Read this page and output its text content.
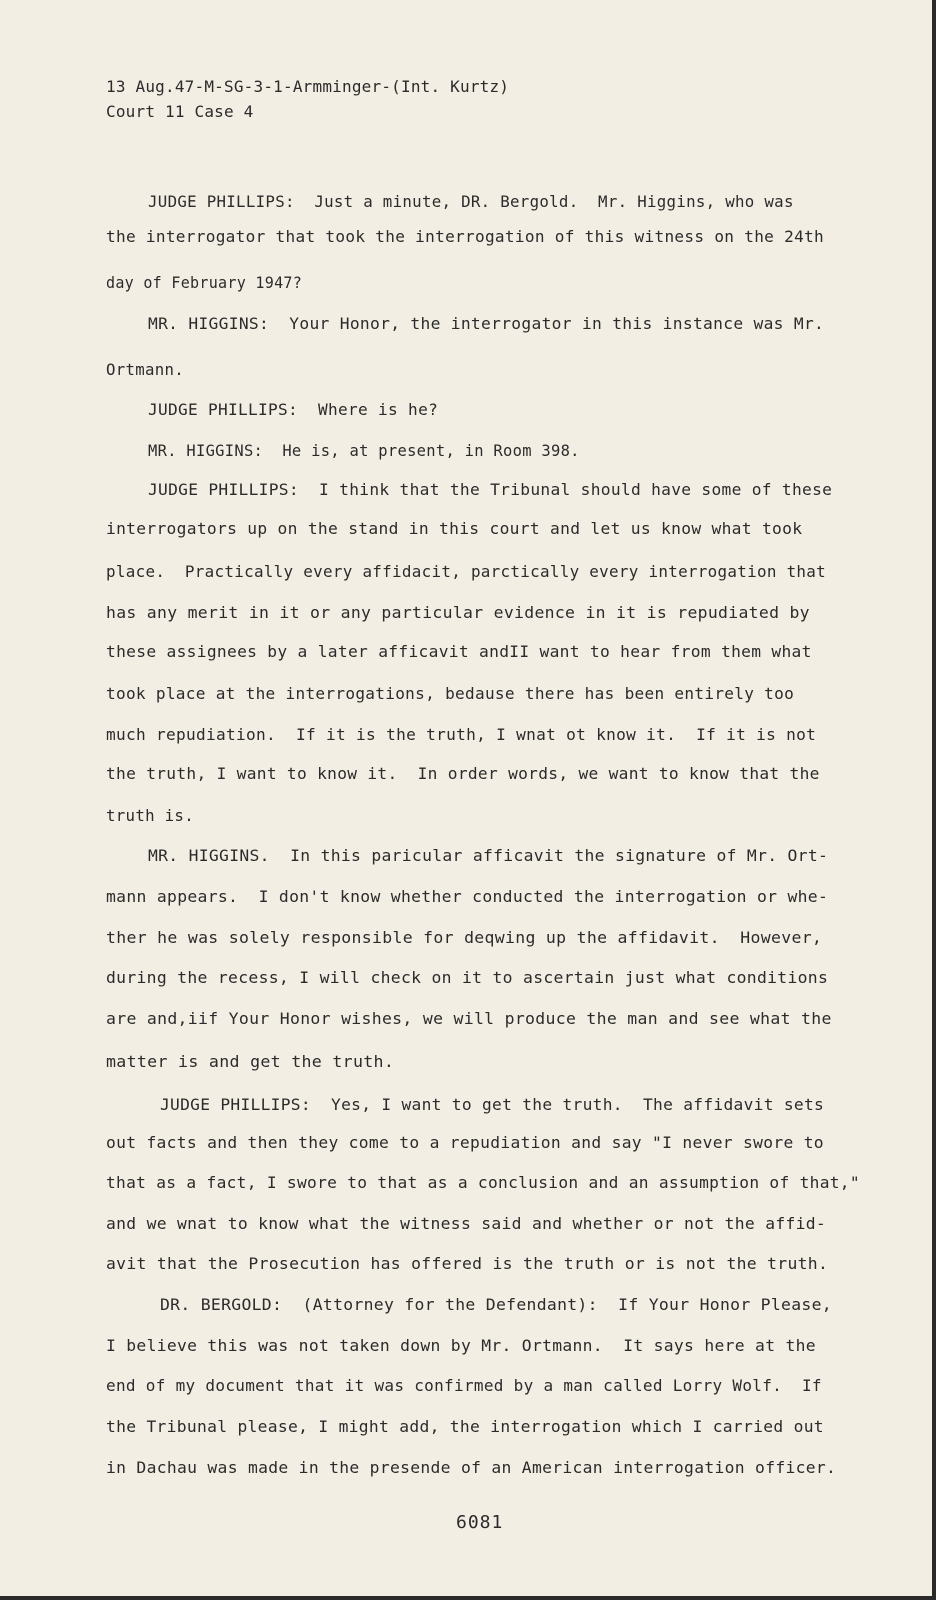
13 Aug.47-M-SG-3-1-Armminger-(Int. Kurtz)
Court 11 Case 4
JUDGE PHILLIPS:  Just a minute, DR. Bergold.  Mr. Higgins, who was
the interrogator that took the interrogation of this witness on the 24th
day of February 1947?
MR. HIGGINS:  Your Honor, the interrogator in this instance was Mr.
Ortmann.
JUDGE PHILLIPS:  Where is he?
MR. HIGGINS:  He is, at present, in Room 398.
JUDGE PHILLIPS:  I think that the Tribunal should have some of these
interrogators up on the stand in this court and let us know what took
place.  Practically every affidacit, parctically every interrogation that
has any merit in it or any particular evidence in it is repudiated by
these assignees by a later afficavit andII want to hear from them what
took place at the interrogations, bedause there has been entirely too
much repudiation.  If it is the truth, I wnat ot know it.  If it is not
the truth, I want to know it.  In order words, we want to know that the
truth is.
MR. HIGGINS.  In this paricular afficavit the signature of Mr. Ort-
mann appears.  I don't know whether conducted the interrogation or whe-
ther he was solely responsible for deqwing up the affidavit.  However,
during the recess, I will check on it to ascertain just what conditions
are and,iif Your Honor wishes, we will produce the man and see what the
matter is and get the truth.
JUDGE PHILLIPS:  Yes, I want to get the truth.  The affidavit sets
out facts and then they come to a repudiation and say "I never swore to
that as a fact, I swore to that as a conclusion and an assumption of that,"
and we wnat to know what the witness said and whether or not the affid-
avit that the Prosecution has offered is the truth or is not the truth.
DR. BERGOLD:  (Attorney for the Defendant):  If Your Honor Please,
I believe this was not taken down by Mr. Ortmann.  It says here at the
end of my document that it was confirmed by a man called Lorry Wolf.  If
the Tribunal please, I might add, the interrogation which I carried out
in Dachau was made in the presende of an American interrogation officer.
6081
